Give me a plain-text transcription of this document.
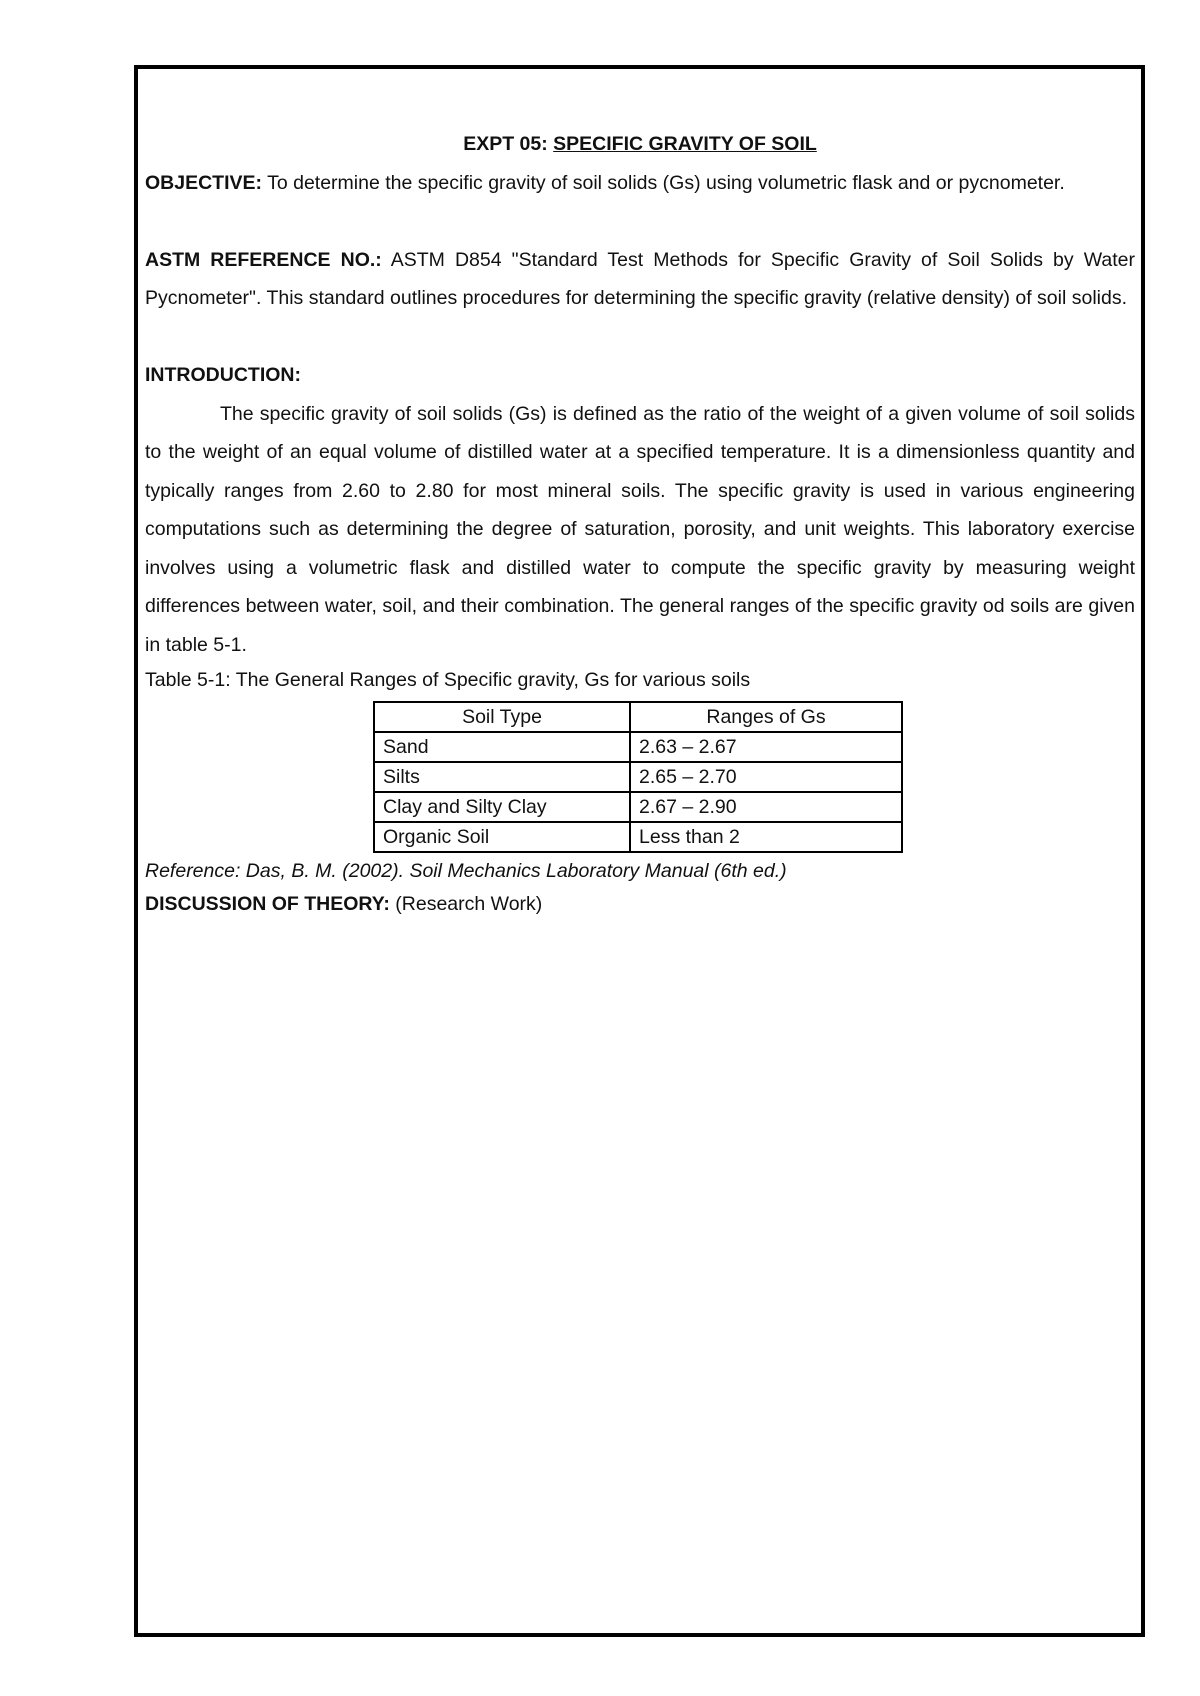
EXPT 05: SPECIFIC GRAVITY OF SOIL

OBJECTIVE: To determine the specific gravity of soil solids (Gs) using volumetric flask and or pycnometer.

ASTM REFERENCE NO.: ASTM D854 "Standard Test Methods for Specific Gravity of Soil Solids by Water Pycnometer". This standard outlines procedures for determining the specific gravity (relative density) of soil solids.

INTRODUCTION:

The specific gravity of soil solids (Gs) is defined as the ratio of the weight of a given volume of soil solids to the weight of an equal volume of distilled water at a specified temperature. It is a dimensionless quantity and typically ranges from 2.60 to 2.80 for most mineral soils. The specific gravity is used in various engineering computations such as determining the degree of saturation, porosity, and unit weights. This laboratory exercise involves using a volumetric flask and distilled water to compute the specific gravity by measuring weight differences between water, soil, and their combination. The general ranges of the specific gravity od soils are given in table 5-1.

Table 5-1: The General Ranges of Specific gravity, Gs for various soils

Soil Type	Ranges of Gs
Sand	2.63 – 2.67
Silts	2.65 – 2.70
Clay and Silty Clay	2.67 – 2.90
Organic Soil	Less than 2

Reference: Das, B. M. (2002). Soil Mechanics Laboratory Manual (6th ed.)

DISCUSSION OF THEORY: (Research Work)
